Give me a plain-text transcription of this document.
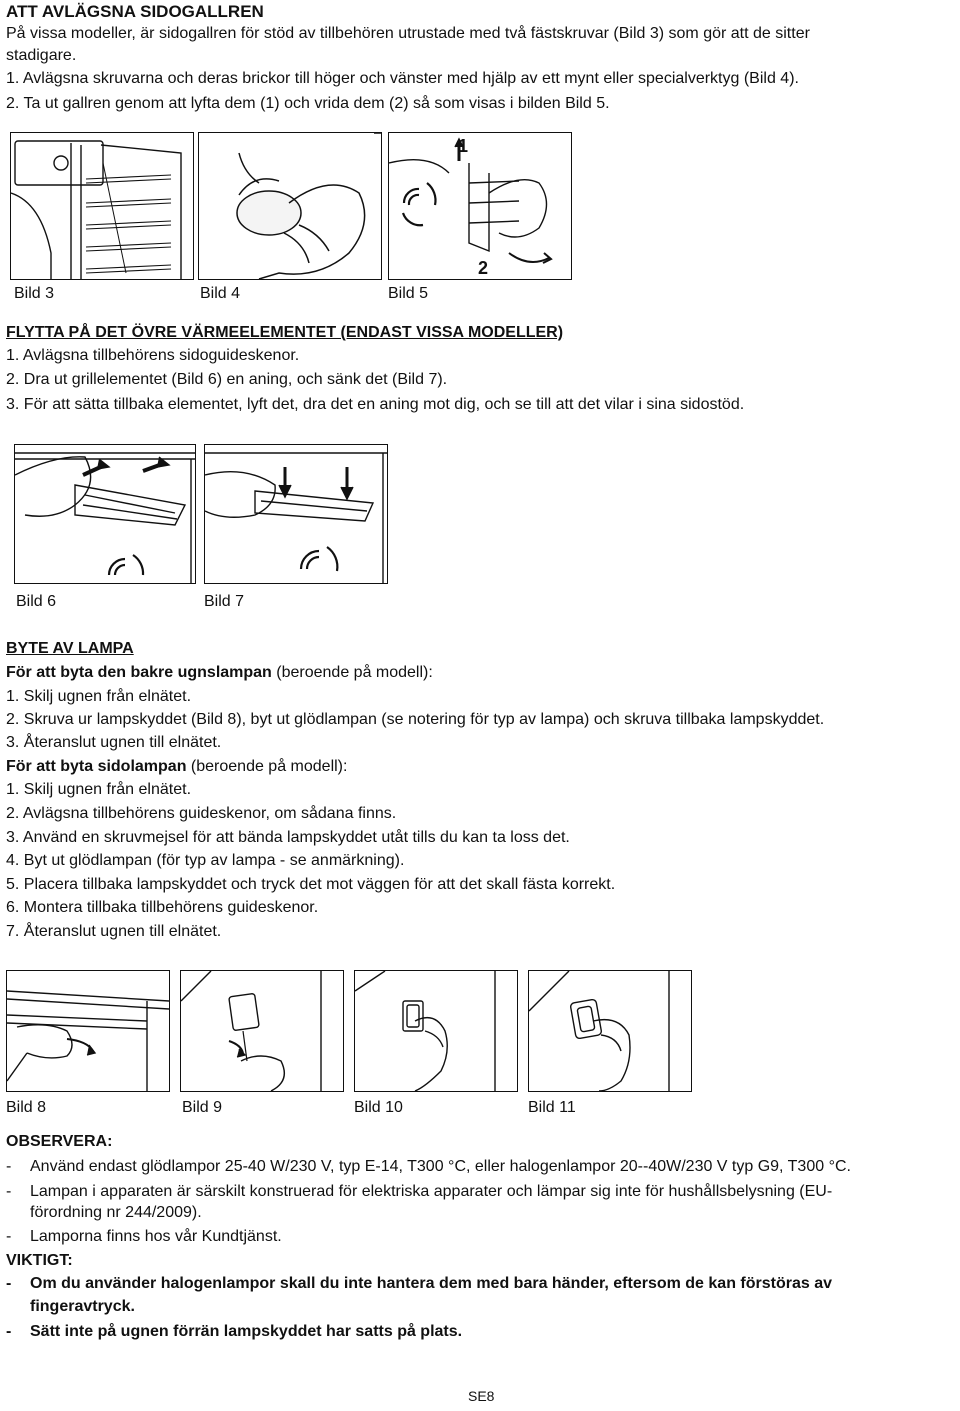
ATT AVLÄGSNA SIDOGALLREN
På vissa modeller, är sidogallren för stöd av tillbehören utrustade med två fästskruvar (Bild 3) som gör att de sitter
stadigare.
1. Avlägsna skruvarna och deras brickor till höger och vänster med hjälp av ett mynt eller specialverktyg (Bild 4).
2. Ta ut gallren genom att lyfta dem (1) och vrida dem (2) så som visas i bilden Bild 5.
Bild 3	Bild 4
1
2
Bild 5
FLYTTA PÅ DET ÖVRE VÄRMEELEMENTET (ENDAST VISSA MODELLER)
1. Avlägsna tillbehörens sidoguideskenor.
2. Dra ut grillelementet (Bild 6) en aning, och sänk det (Bild 7).
3. För att sätta tillbaka elementet, lyft det, dra det en aning mot dig, och se till att det vilar i sina sidostöd.
Bild 6	Bild 7
BYTE AV LAMPA
För att byta den bakre ugnslampan (beroende på modell):
1. Skilj ugnen från elnätet.
2. Skruva ur lampskyddet (Bild 8), byt ut glödlampan (se notering för typ av lampa) och skruva tillbaka lampskyddet.
3. Återanslut ugnen till elnätet.
För att byta sidolampan (beroende på modell):
1. Skilj ugnen från elnätet.
2. Avlägsna tillbehörens guideskenor, om sådana finns.
3. Använd en skruvmejsel för att bända lampskyddet utåt tills du kan ta loss det.
4. Byt ut glödlampan (för typ av lampa - se anmärkning).
5. Placera tillbaka lampskyddet och tryck det mot väggen för att det skall fästa korrekt.
6. Montera tillbaka tillbehörens guideskenor.
7. Återanslut ugnen till elnätet.
Bild 8	Bild 9	Bild 10	Bild 11
OBSERVERA:
- Använd endast glödlampor 25-40 W/230 V, typ E-14, T300 °C, eller halogenlampor 20--40W/230 V typ G9, T300 °C.
- Lampan i apparaten är särskilt konstruerad för elektriska apparater och lämpar sig inte för hushållsbelysning (EU-
förordning nr 244/2009).
- Lamporna finns hos vår Kundtjänst.
VIKTIGT:
- Om du använder halogenlampor skall du inte hantera dem med bara händer, eftersom de kan förstöras av
fingeravtryck.
- Sätt inte på ugnen förrän lampskyddet har satts på plats.
SE8
